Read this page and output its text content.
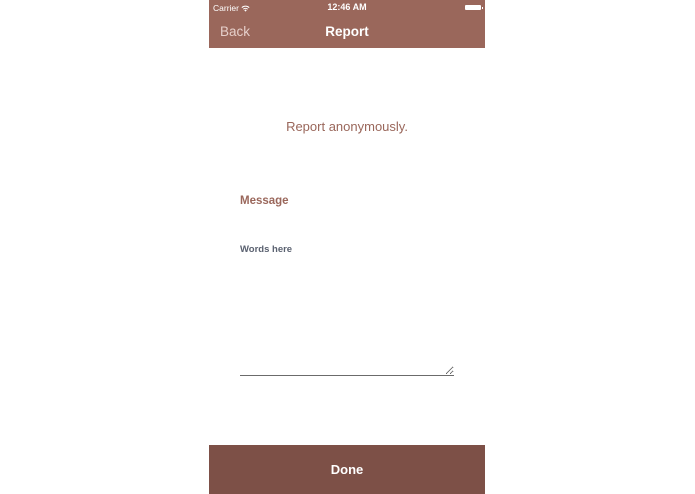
Carrier	12:46 AM
Back	Report
Report anonymously.
Message
Words here
Done
